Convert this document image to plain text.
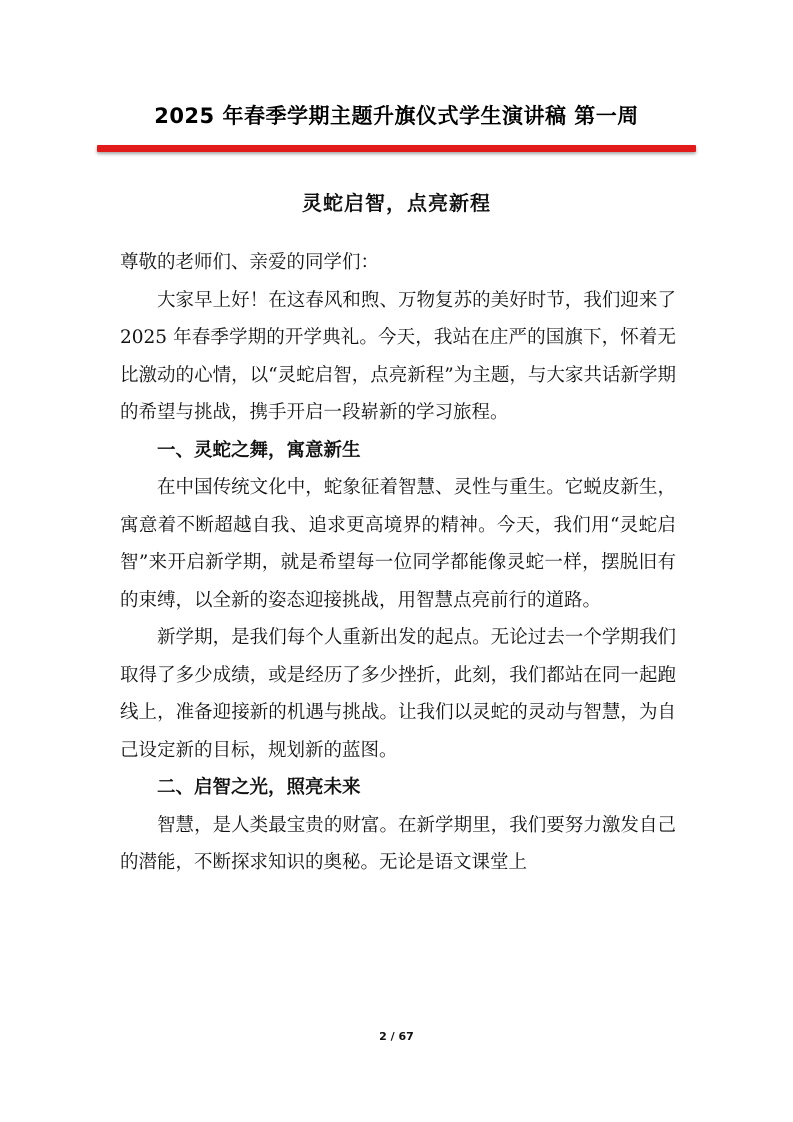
2025 年春季学期主题升旗仪式学生演讲稿 第一周
灵蛇启智，点亮新程

尊敬的老师们、亲爱的同学们：

大家早上好！在这春风和煦、万物复苏的美好时节，我们迎来了 2025 年春季学期的开学典礼。今天，我站在庄严的国旗下，怀着无比激动的心情，以“灵蛇启智，点亮新程”为主题，与大家共话新学期的希望与挑战，携手开启一段崭新的学习旅程。

一、灵蛇之舞，寓意新生

在中国传统文化中，蛇象征着智慧、灵性与重生。它蜕皮新生，寓意着不断超越自我、追求更高境界的精神。今天，我们用“灵蛇启智”来开启新学期，就是希望每一位同学都能像灵蛇一样，摆脱旧有的束缚，以全新的姿态迎接挑战，用智慧点亮前行的道路。

新学期，是我们每个人重新出发的起点。无论过去一个学期我们取得了多少成绩，或是经历了多少挫折，此刻，我们都站在同一起跑线上，准备迎接新的机遇与挑战。让我们以灵蛇的灵动与智慧，为自己设定新的目标，规划新的蓝图。

二、启智之光，照亮未来

智慧，是人类最宝贵的财富。在新学期里，我们要努力激发自己的潜能，不断探求知识的奥秘。无论是语文课堂上

2 / 67
